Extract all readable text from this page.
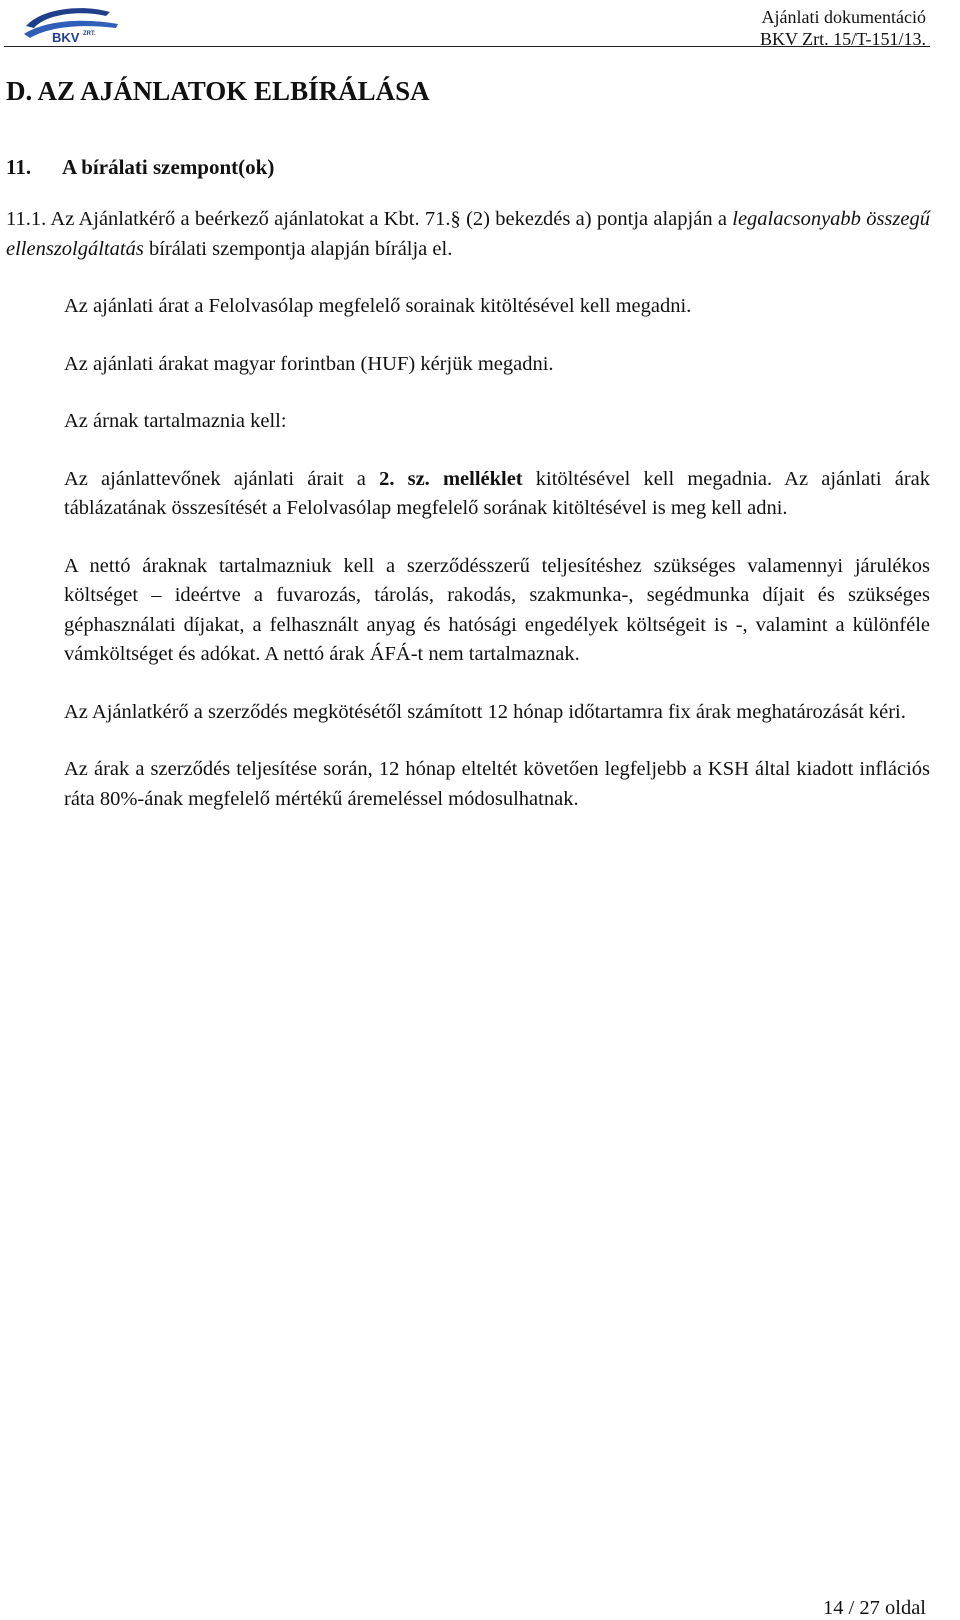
BKV ZRT.
Ajánlati dokumentáció
BKV Zrt. 15/T-151/13.
D. AZ AJÁNLATOK ELBÍRÁLÁSA
11. A bírálati szempont(ok)

11.1. Az Ajánlatkérő a beérkező ajánlatokat a Kbt. 71.§ (2) bekezdés a) pontja alapján a legalacsonyabb összegű ellenszolgáltatás bírálati szempontja alapján bírálja el.

Az ajánlati árat a Felolvasólap megfelelő sorainak kitöltésével kell megadni.

Az ajánlati árakat magyar forintban (HUF) kérjük megadni.

Az árnak tartalmaznia kell:

Az ajánlattevőnek ajánlati árait a 2. sz. melléklet kitöltésével kell megadnia. Az ajánlati árak táblázatának összesítését a Felolvasólap megfelelő sorának kitöltésével is meg kell adni.

A nettó áraknak tartalmazniuk kell a szerződésszerű teljesítéshez szükséges valamennyi járulékos költséget – ideértve a fuvarozás, tárolás, rakodás, szakmunka-, segédmunka díjait és szükséges géphasználati díjakat, a felhasznált anyag és hatósági engedélyek költségeit is -, valamint a különféle vámköltséget és adókat. A nettó árak ÁFÁ-t nem tartalmaznak.

Az Ajánlatkérő a szerződés megkötésétől számított 12 hónap időtartamra fix árak meghatározását kéri.

Az árak a szerződés teljesítése során, 12 hónap elteltét követően legfeljebb a KSH által kiadott inflációs ráta 80%-ának megfelelő mértékű áremeléssel módosulhatnak.

14 / 27 oldal
